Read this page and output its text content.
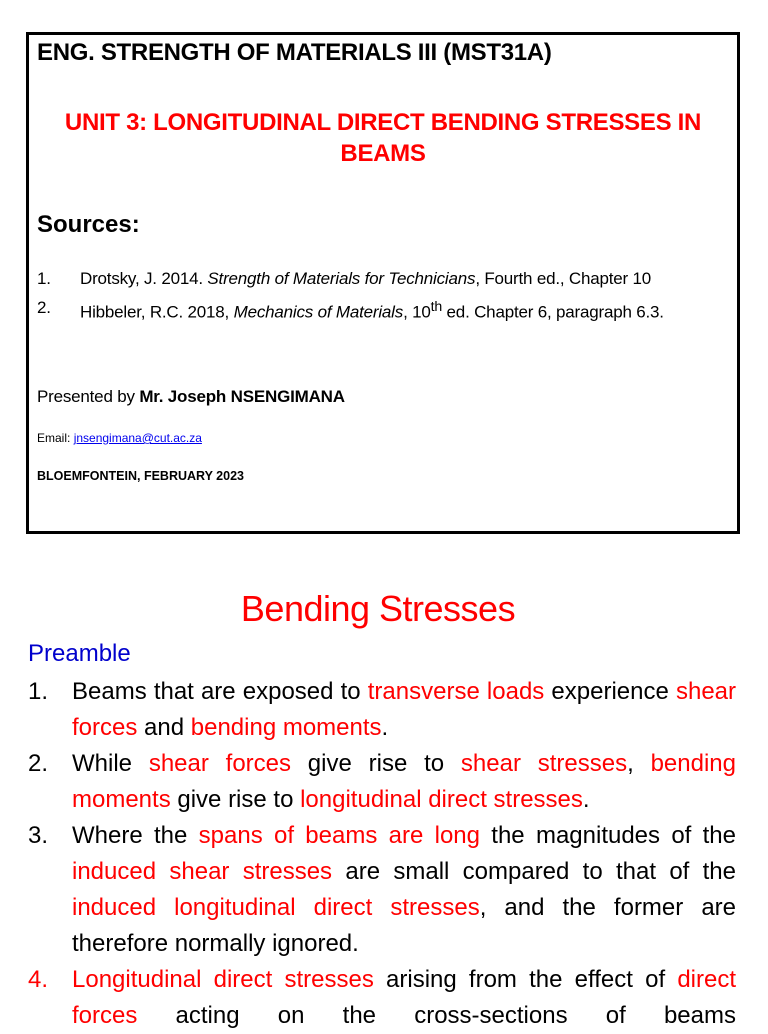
ENG. STRENGTH OF MATERIALS III (MST31A)
UNIT 3: LONGITUDINAL DIRECT BENDING STRESSES IN BEAMS
Sources:
1. Drotsky, J. 2014. Strength of Materials for Technicians, Fourth ed., Chapter 10
2. Hibbeler, R.C. 2018, Mechanics of Materials, 10th ed. Chapter 6, paragraph 6.3.
Presented by Mr. Joseph NSENGIMANA
Email: jnsengimana@cut.ac.za
BLOEMFONTEIN, FEBRUARY 2023
Bending Stresses
Preamble
1. Beams that are exposed to transverse loads experience shear forces and bending moments.
2. While shear forces give rise to shear stresses, bending moments give rise to longitudinal direct stresses.
3. Where the spans of beams are long the magnitudes of the induced shear stresses are small compared to that of the induced longitudinal direct stresses, and the former are therefore normally ignored.
4. Longitudinal direct stresses arising from the effect of direct forces acting on the cross-sections of beams
